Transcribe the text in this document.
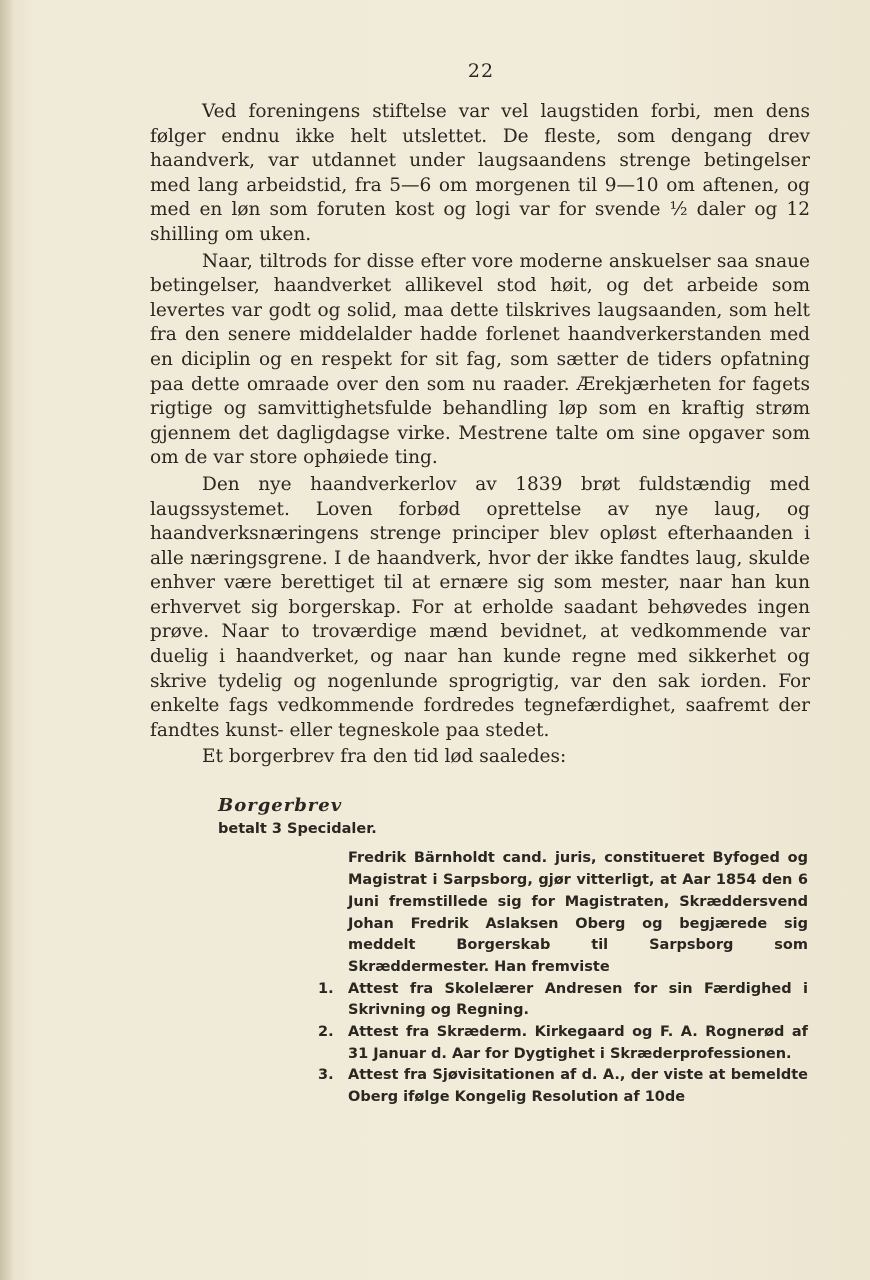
22

Ved foreningens stiftelse var vel laugstiden forbi, men dens følger endnu ikke helt utslettet. De fleste, som dengang drev haandverk, var utdannet under laugsaandens strenge betingelser med lang arbeidstid, fra 5—6 om morgenen til 9—10 om aftenen, og med en løn som foruten kost og logi var for svende ½ daler og 12 shilling om uken.

Naar, tiltrods for disse efter vore moderne anskuelser saa snaue betingelser, haandverket allikevel stod høit, og det arbeide som levertes var godt og solid, maa dette tilskrives laugsaanden, som helt fra den senere middelalder hadde forlenet haandverkerstanden med en diciplin og en respekt for sit fag, som sætter de tiders opfatning paa dette omraade over den som nu raader. Ærekjærheten for fagets rigtige og samvittighetsfulde behandling løp som en kraftig strøm gjennem det dagligdagse virke. Mestrene talte om sine opgaver som om de var store ophøiede ting.

Den nye haandverkerlov av 1839 brøt fuldstændig med laugssystemet. Loven forbød oprettelse av nye laug, og haandverksnæringens strenge principer blev opløst efterhaanden i alle næringsgrene. I de haandverk, hvor der ikke fandtes laug, skulde enhver være berettiget til at ernære sig som mester, naar han kun erhvervet sig borgerskap. For at erholde saadant behøvedes ingen prøve. Naar to troværdige mænd bevidnet, at vedkommende var duelig i haandverket, og naar han kunde regne med sikkerhet og skrive tydelig og nogenlunde sprogrigtig, var den sak iorden. For enkelte fags vedkommende fordredes tegnefærdighet, saafremt der fandtes kunst- eller tegneskole paa stedet.

Et borgerbrev fra den tid lød saaledes:

Borgerbrev
betalt 3 Specidaler.
Fredrik Bärnholdt cand. juris, constitueret Byfoged og Magistrat i Sarpsborg, gjør vitterligt, at Aar 1854 den 6 Juni fremstillede sig for Magistraten, Skræddersvend Johan Fredrik Aslaksen Oberg og begjærede sig meddelt Borgerskab til Sarpsborg som Skræddermester. Han fremviste
1. Attest fra Skolelærer Andresen for sin Færdighed i Skrivning og Regning.
2. Attest fra Skræderm. Kirkegaard og F. A. Rognerød af 31 Januar d. Aar for Dygtighet i Skræderprofessionen.
3. Attest fra Sjøvisitationen af d. A., der viste at bemeldte Oberg ifølge Kongelig Resolution af 10de
